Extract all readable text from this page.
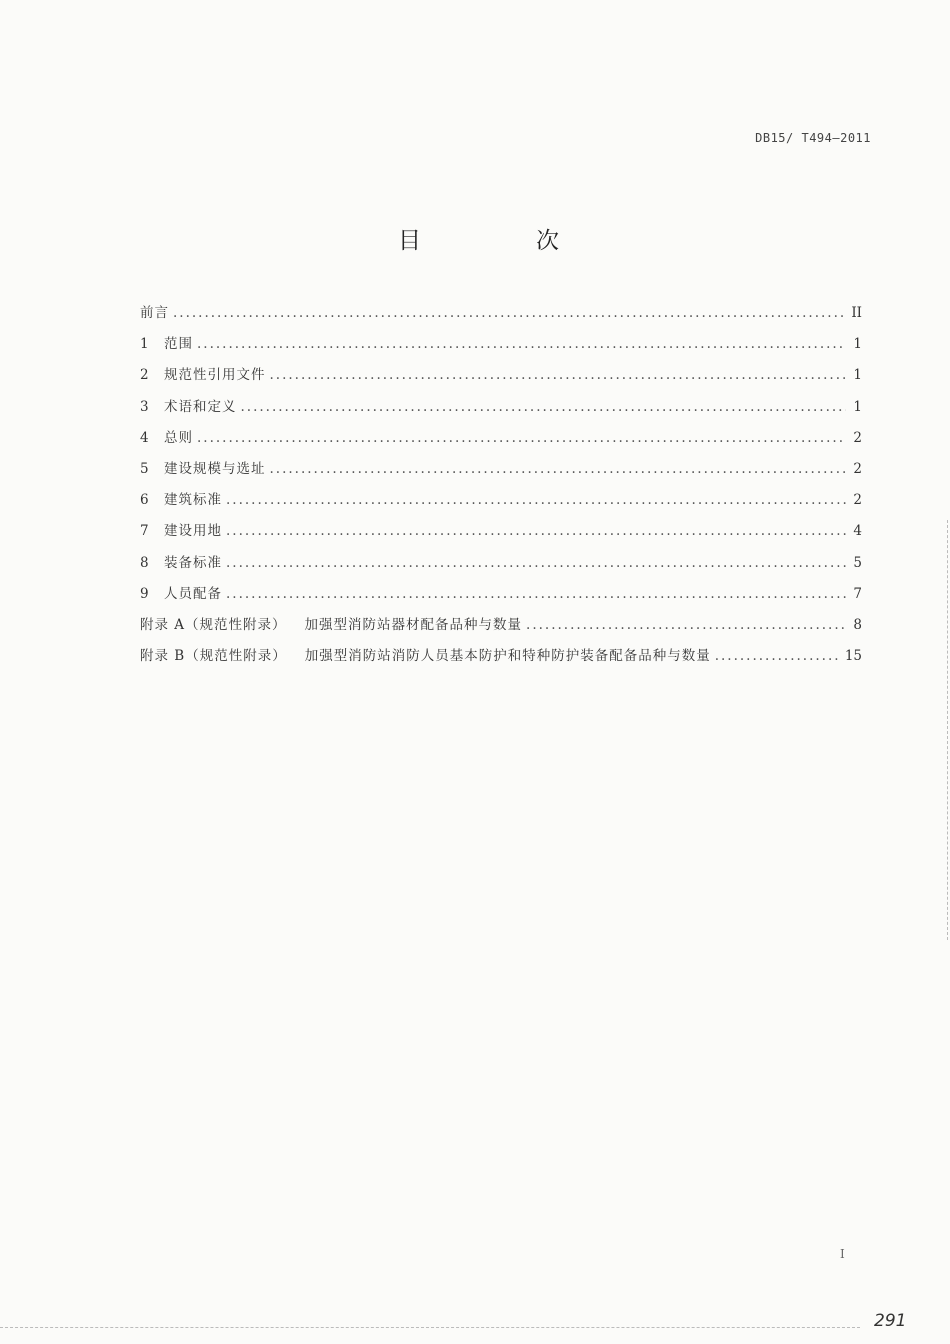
DB15/ T494—2011
目　次
前言 .....	II
1	范围 .....	1
2	规范性引用文件 .....	1
3	术语和定义 .....	1
4	总则 .....	2
5	建设规模与选址 .....	2
6	建筑标准 .....	2
7	建设用地 .....	4
8	装备标准 .....	5
9	人员配备 .....	7
附录 A（规范性附录） 加强型消防站器材配备品种与数量 .....	8
附录 B（规范性附录） 加强型消防站消防人员基本防护和特种防护装备配备品种与数量 .....	15
I
291
